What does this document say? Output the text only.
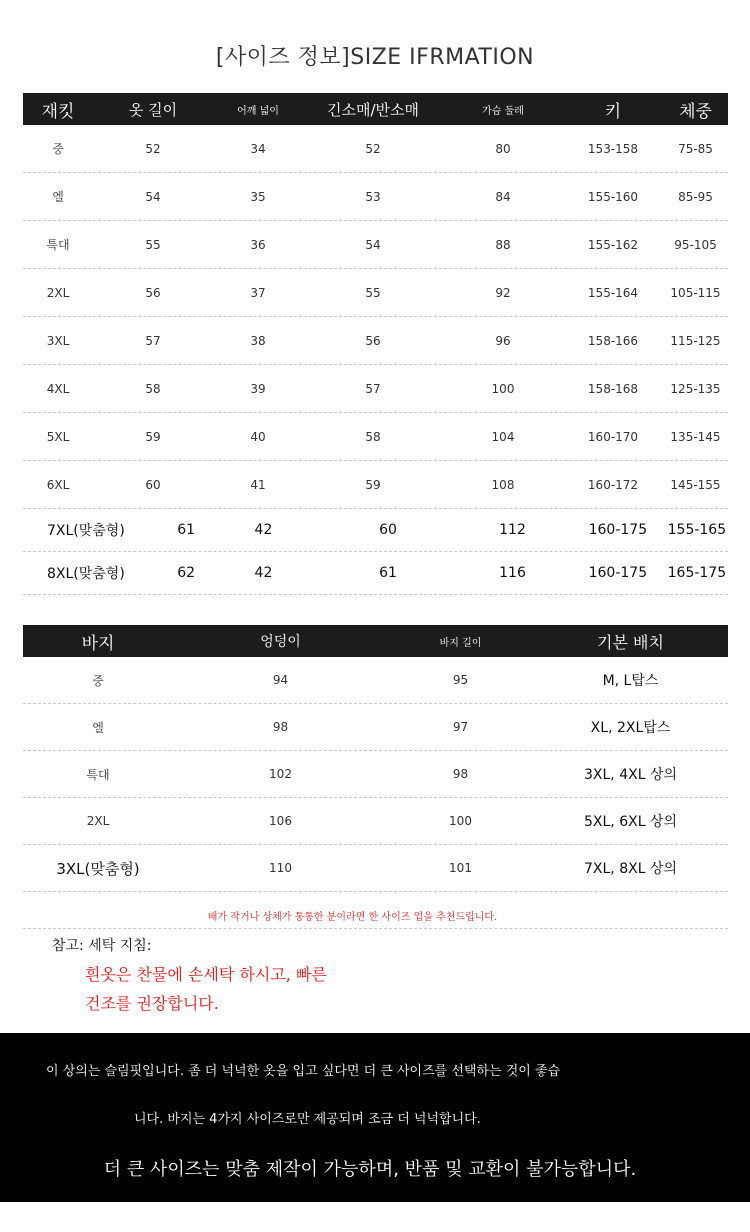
[사이즈 정보]SIZE IFRMATION
재킷	옷 길이	어깨 넓이	긴소매/반소매	가슴 둘레	키	체중
중	52	34	52	80	153-158	75-85
엘	54	35	53	84	155-160	85-95
특대	55	36	54	88	155-162	95-105
2XL	56	37	55	92	155-164	105-115
3XL	57	38	56	96	158-166	115-125
4XL	58	39	57	100	158-168	125-135
5XL	59	40	58	104	160-170	135-145
6XL	60	41	59	108	160-172	145-155
7XL(맞춤형)	61	42	60	112	160-175	155-165
8XL(맞춤형)	62	42	61	116	160-175	165-175
바지	엉덩이	바지 길이	기본 배치
중	94	95	M, L탑스
엘	98	97	XL, 2XL탑스
특대	102	98	3XL, 4XL 상의
2XL	106	100	5XL, 6XL 상의
3XL(맞춤형)	110	101	7XL, 8XL 상의
배가 작거나 상체가 통통한 분이라면 한 사이즈 업을 추천드립니다.
참고: 세탁 지침:
흰옷은 찬물에 손세탁 하시고, 빠른
건조를 권장합니다.
이 상의는 슬림핏입니다. 좀 더 넉넉한 옷을 입고 싶다면 더 큰 사이즈를 선택하는 것이 좋습
니다. 바지는 4가지 사이즈로만 제공되며 조금 더 넉넉합니다.
더 큰 사이즈는 맞춤 제작이 가능하며, 반품 및 교환이 불가능합니다.
